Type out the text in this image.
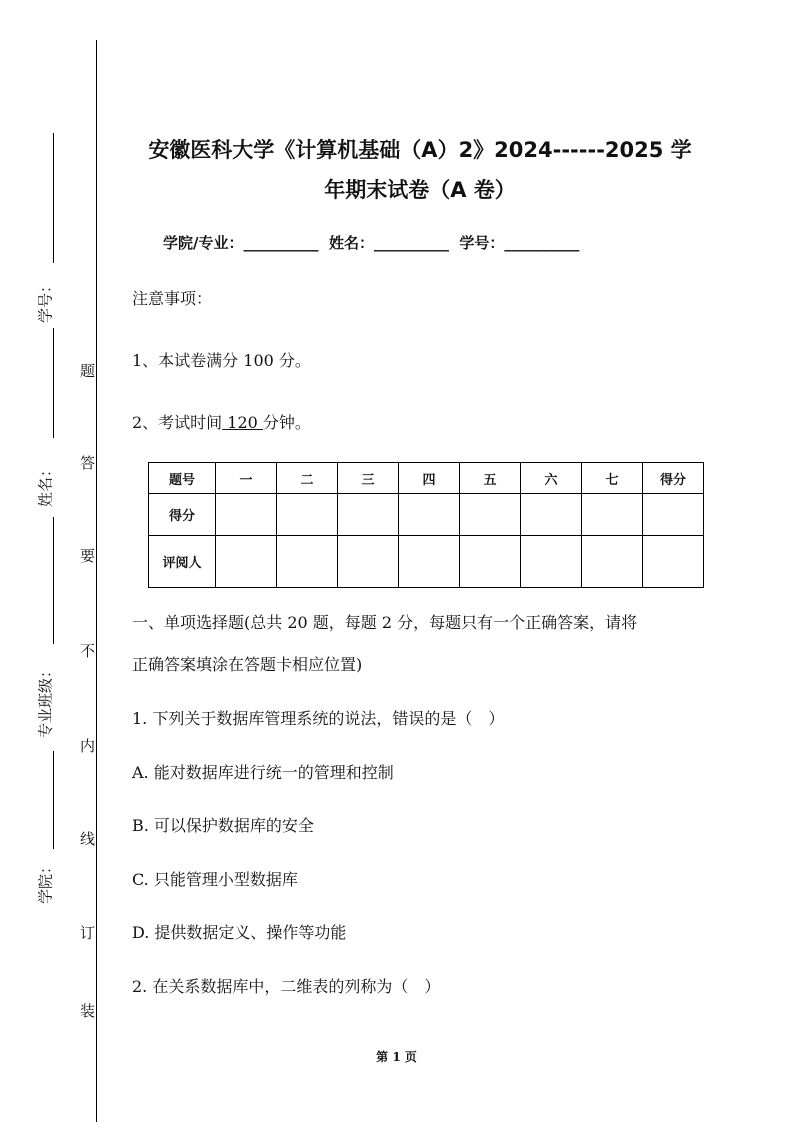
学号：
姓名：
专业班级：
学院：
题
答
要
不
内
线
订
装
安徽医科大学《计算机基础（A）2》2024------2025 学
年期末试卷（A 卷）
学院/专业：__________ 姓名：__________ 学号：__________
注意事项：
1、本试卷满分 100 分。
2、考试时间 120 分钟。
题号	一	二	三	四	五	六	七	得分
得分								
评阅人								
一、单项选择题(总共 20 题，每题 2 分，每题只有一个正确答案，请将
正确答案填涂在答题卡相应位置)
1. 下列关于数据库管理系统的说法，错误的是（　）
A. 能对数据库进行统一的管理和控制
B. 可以保护数据库的安全
C. 只能管理小型数据库
D. 提供数据定义、操作等功能
2. 在关系数据库中，二维表的列称为（　）
第 1 页
